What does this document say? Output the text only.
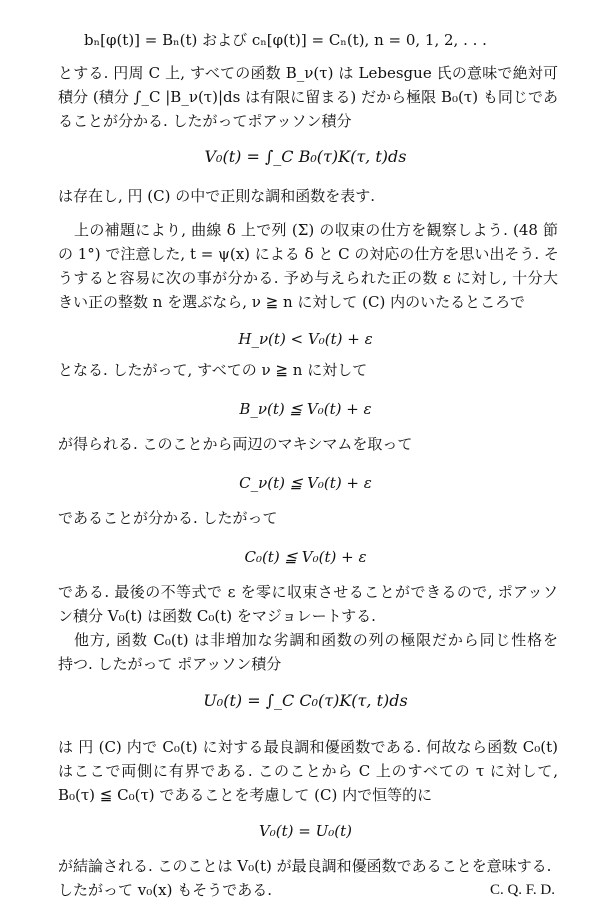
bₙ[φ(t)] = Bₙ(t) および cₙ[φ(t)] = Cₙ(t), n = 0, 1, 2, . . .
とする. 円周 C 上, すべての函数 B_ν(τ) は Lebesgue 氏の意味で絶対可
積分 (積分 ∫_C |B_ν(τ)|ds は有限に留まる) だから極限 B₀(τ) も同じであ
ることが分かる. したがってポアッソン積分
V₀(t) = ∫_C B₀(τ)K(τ, t)ds
は存在し, 円 (C) の中で正則な調和函数を表す.
上の補題により, 曲線 δ 上で列 (Σ) の収束の仕方を観察しよう. (48 節
の 1°) で注意した, t = ψ(x) による δ と C の対応の仕方を思い出そう. そ
うすると容易に次の事が分かる. 予め与えられた正の数 ε に対し, 十分大
きい正の整数 n を選ぶなら, ν ≧ n に対して (C) 内のいたるところで
H_ν(t) < V₀(t) + ε
となる. したがって, すべての ν ≧ n に対して
B_ν(t) ≦ V₀(t) + ε
が得られる. このことから両辺のマキシマムを取って
C_ν(t) ≦ V₀(t) + ε
であることが分かる. したがって
C₀(t) ≦ V₀(t) + ε
である. 最後の不等式で ε を零に収束させることができるので, ポアッソ
ン積分 V₀(t) は函数 C₀(t) をマジョレートする.
他方, 函数 C₀(t) は非増加な劣調和函数の列の極限だから同じ性格を
持つ. したがって ポアッソン積分
U₀(t) = ∫_C C₀(τ)K(τ, t)ds
は 円 (C) 内で C₀(t) に対する最良調和優函数である. 何故なら函数 C₀(t)
はここで両側に有界である. このことから C 上のすべての τ に対して,
B₀(τ) ≦ C₀(τ) であることを考慮して (C) 内で恒等的に
V₀(t) = U₀(t)
が結論される. このことは V₀(t) が最良調和優函数であることを意味する.
したがって v₀(x) もそうである.	C. Q. F. D.
